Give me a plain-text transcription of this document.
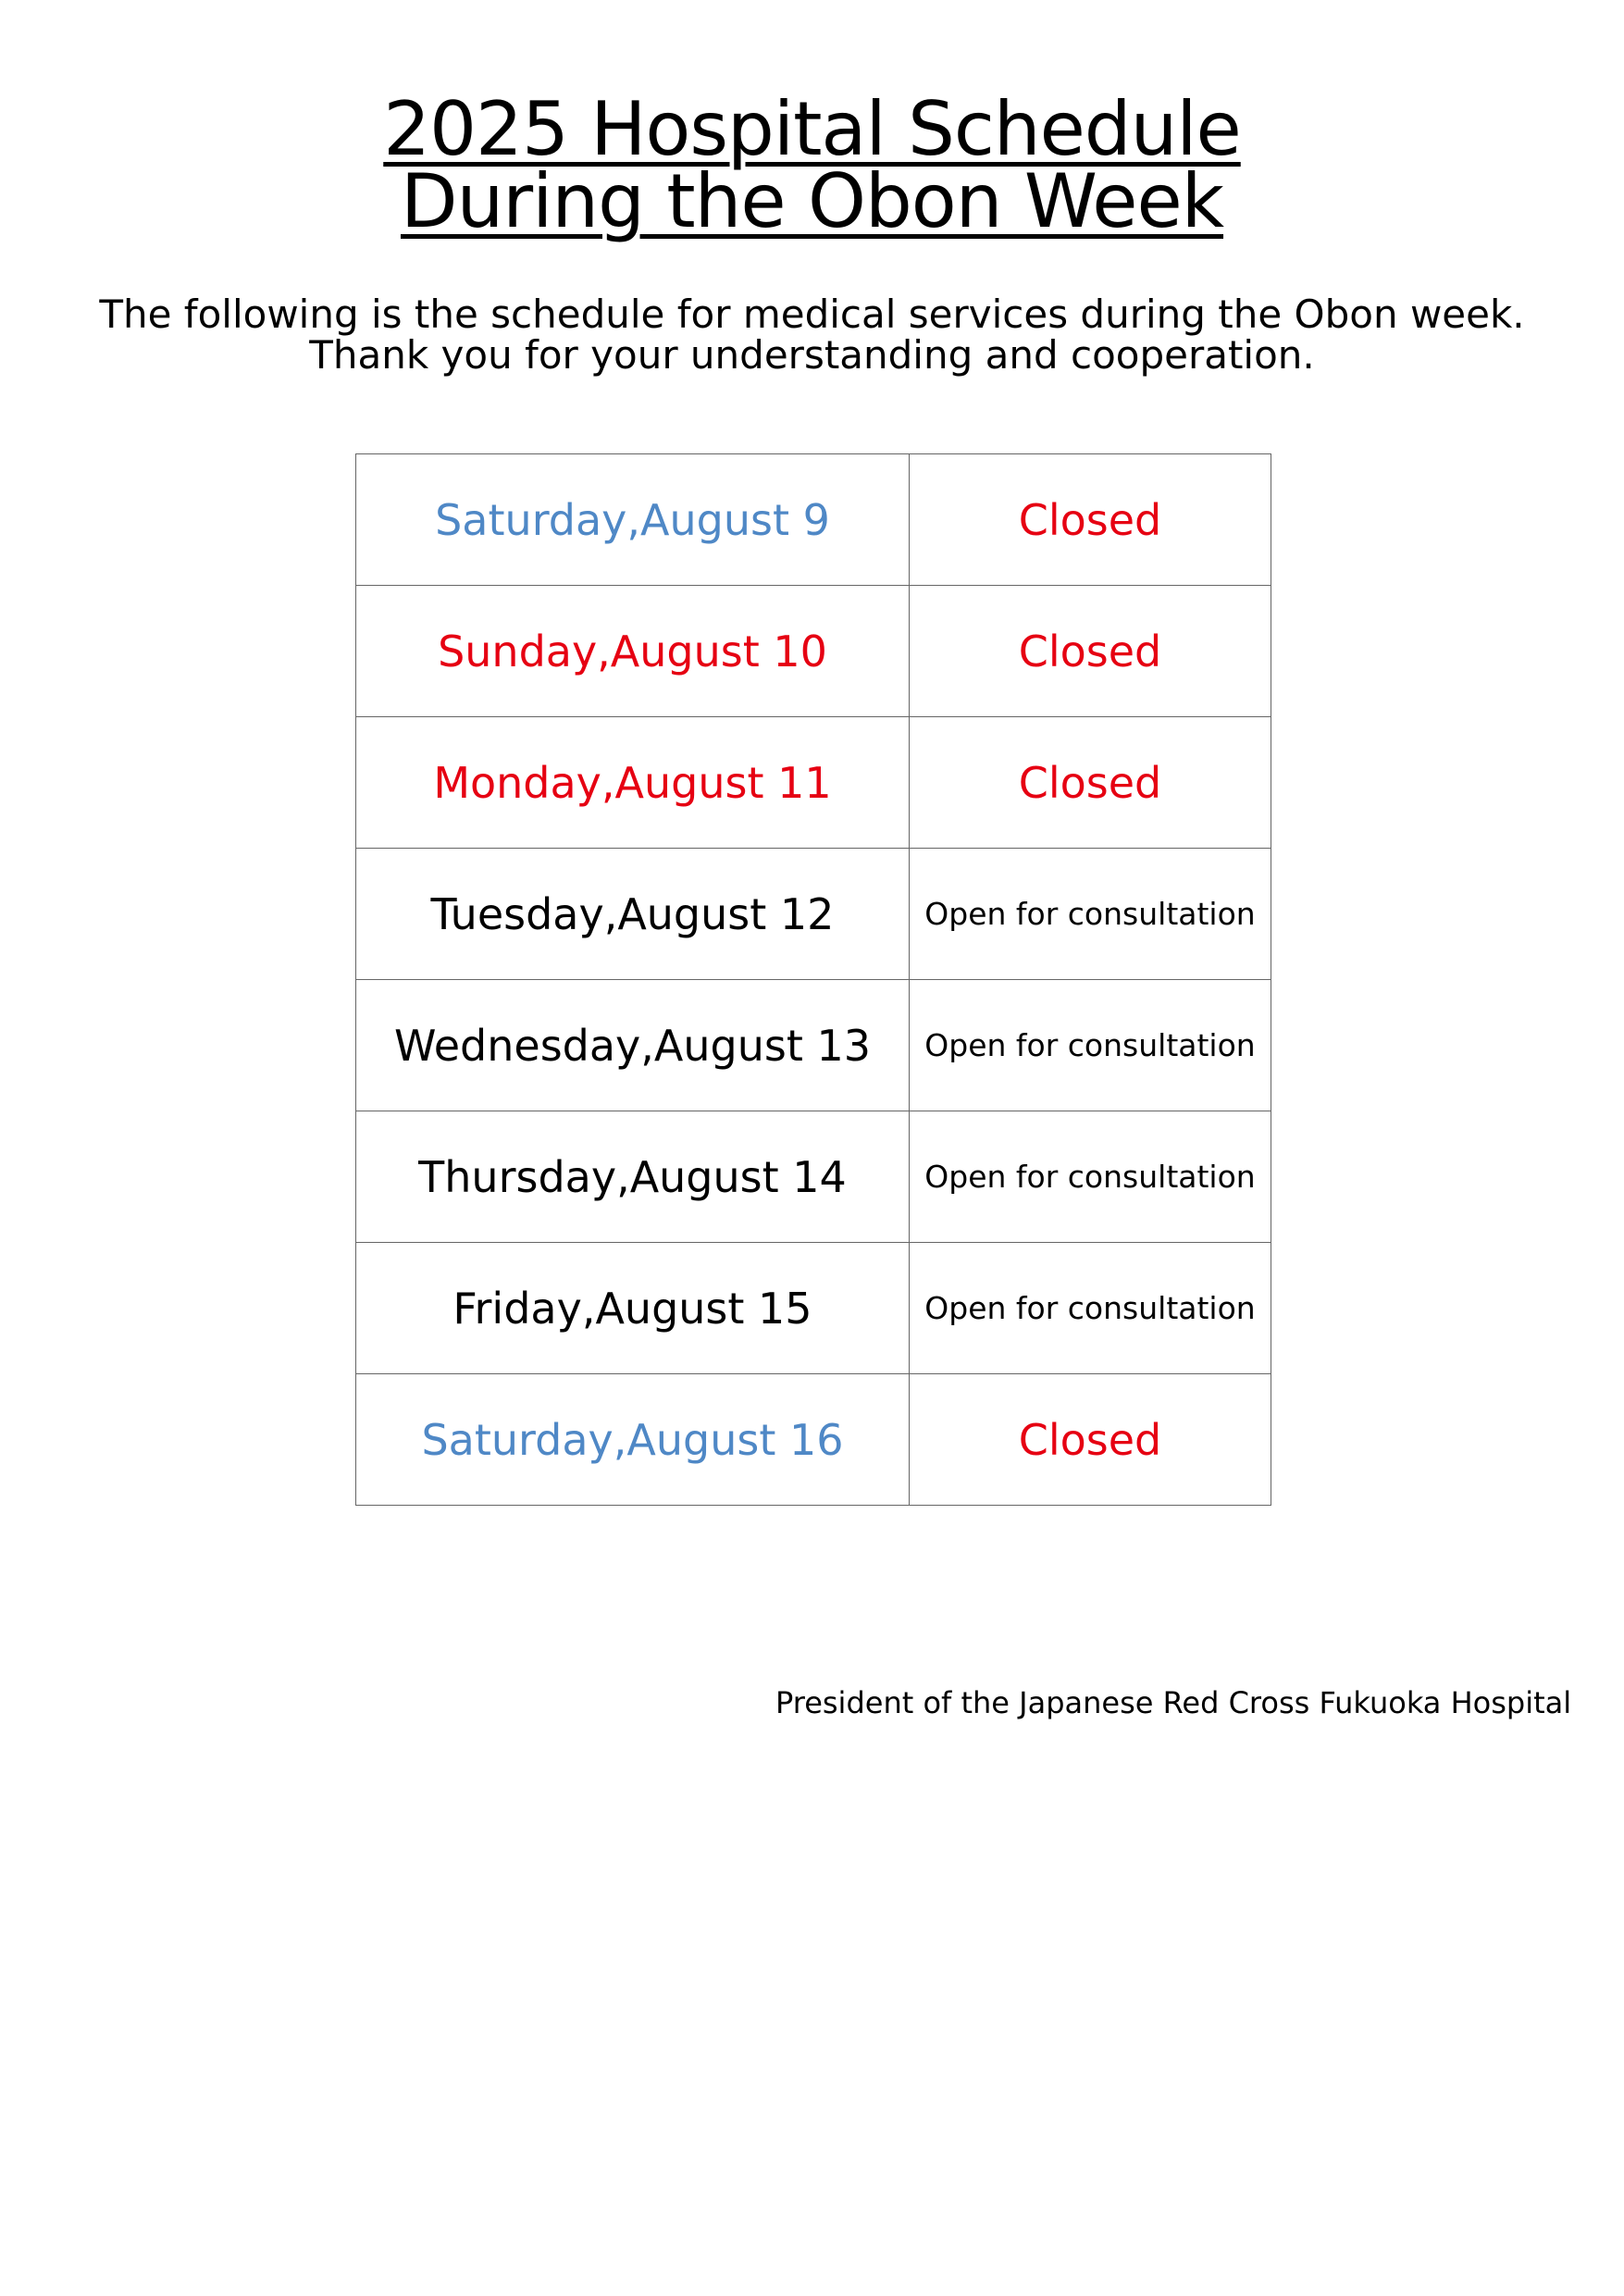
2025 Hospital Schedule
During the Obon Week
The following is the schedule for medical services during the Obon week.
Thank you for your understanding and cooperation.
Saturday,August 9	Closed
Sunday,August 10	Closed
Monday,August 11	Closed
Tuesday,August 12	Open for consultation
Wednesday,August 13	Open for consultation
Thursday,August 14	Open for consultation
Friday,August 15	Open for consultation
Saturday,August 16	Closed
President of the Japanese Red Cross Fukuoka Hospital
